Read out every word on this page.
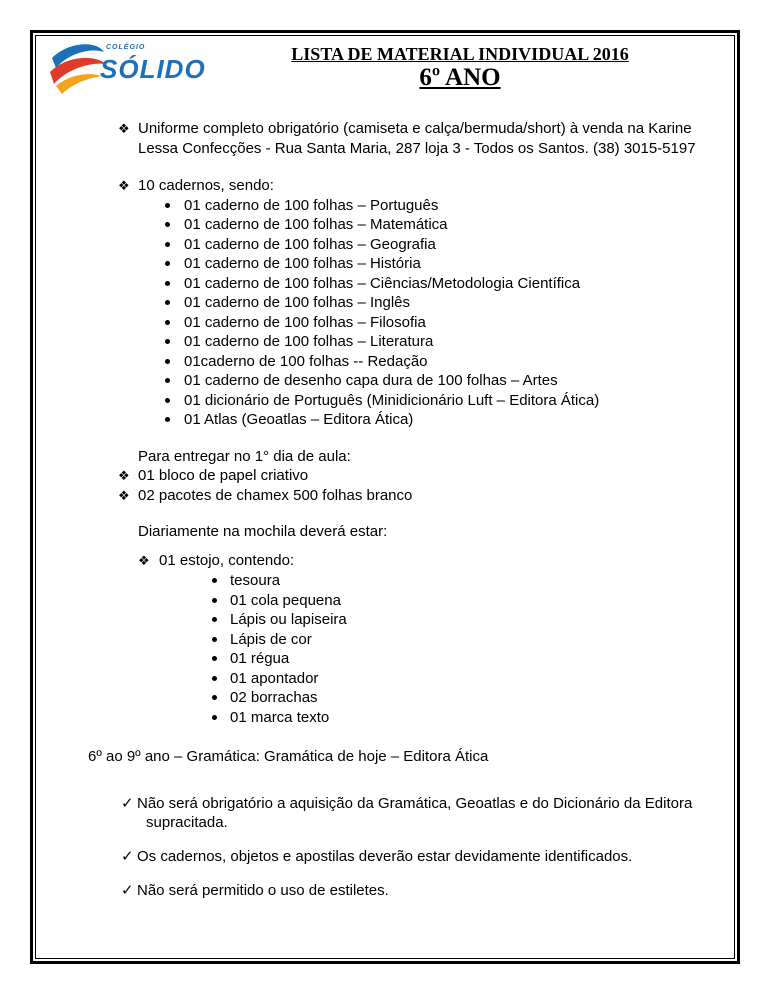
COLÉGIO
SÓLIDO	LISTA DE MATERIAL INDIVIDUAL 2016
6º ANO
❖ Uniforme completo obrigatório (camiseta e calça/bermuda/short) à venda na Karine
Lessa Confecções - Rua Santa Maria, 287 loja 3 - Todos os Santos. (38) 3015-5197
❖ 10 cadernos, sendo:
01 caderno de 100 folhas – Português
01 caderno de 100 folhas – Matemática
01 caderno de 100 folhas – Geografia
01 caderno de 100 folhas – História
01 caderno de 100 folhas – Ciências/Metodologia Científica
01 caderno de 100 folhas – Inglês
01 caderno de 100 folhas – Filosofia
01 caderno de 100 folhas – Literatura
01caderno de 100 folhas -- Redação
01 caderno de desenho capa dura de 100 folhas – Artes
01 dicionário de Português (Minidicionário Luft – Editora Ática)
01 Atlas (Geoatlas – Editora Ática)
Para entregar no 1° dia de aula:
❖ 01 bloco de papel criativo
❖ 02 pacotes de chamex 500 folhas branco
Diariamente na mochila deverá estar:
❖ 01 estojo, contendo:
tesoura
01 cola pequena
Lápis ou lapiseira
Lápis de cor
01 régua
01 apontador
02 borrachas
01 marca texto
6º ao 9º ano – Gramática: Gramática de hoje – Editora Ática
✓ Não será obrigatório a aquisição da Gramática, Geoatlas e do Dicionário da Editora
supracitada.
✓ Os cadernos, objetos e apostilas deverão estar devidamente identificados.
✓ Não será permitido o uso de estiletes.
